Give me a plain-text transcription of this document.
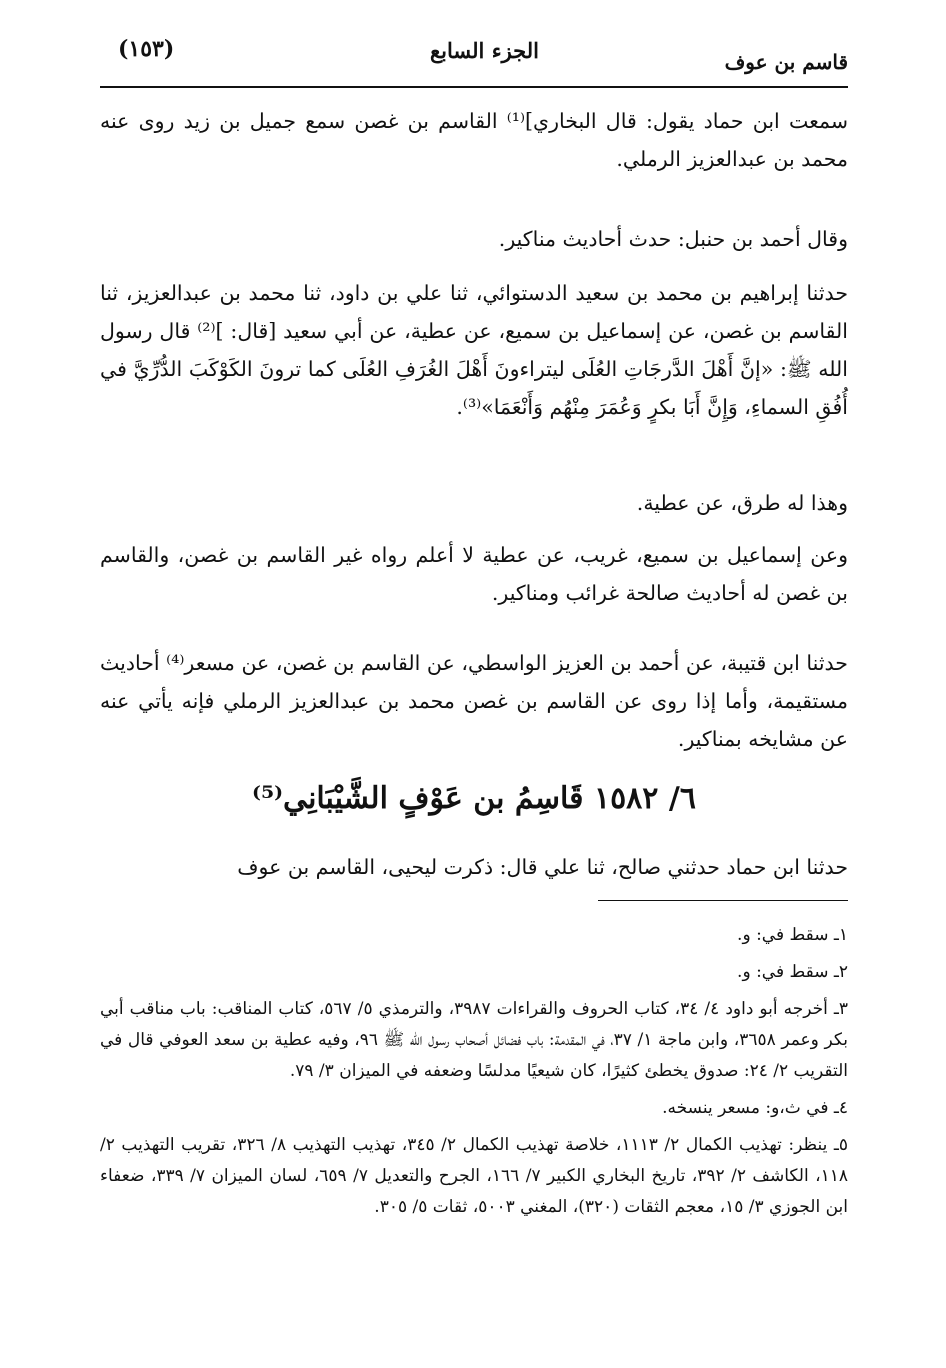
قاسم بن عوف
الجزء السابع
(١٥٣)

سمعت ابن حماد يقول: قال البخاري]⁽¹⁾ القاسم بن غصن سمع جميل بن زيد روى عنه محمد بن عبدالعزيز الرملي.

وقال أحمد بن حنبل: حدث أحاديث مناكير.

حدثنا إبراهيم بن محمد بن سعيد الدستوائي، ثنا علي بن داود، ثنا محمد بن عبدالعزيز، ثنا القاسم بن غصن، عن إسماعيل بن سميع، عن عطية، عن أبي سعيد [قال: ]⁽²⁾ قال رسول الله ﷺ: «إنَّ أَهْلَ الدَّرجَاتِ العُلَى ليتراءونَ أَهْلَ الغُرَفِ العُلَى كما ترونَ الكَوْكَبَ الدُّرِّيَّ في أُفُقِ السماءِ، وَإِنَّ أَبَا بكرٍ وَعُمَرَ مِنْهُم وَأَنْعَمَا»⁽³⁾.

وهذا له طرق، عن عطية.

وعن إسماعيل بن سميع، غريب، عن عطية لا أعلم رواه غير القاسم بن غصن، والقاسم بن غصن له أحاديث صالحة غرائب ومناكير.

حدثنا ابن قتيبة، عن أحمد بن العزيز الواسطي، عن القاسم بن غصن، عن مسعر⁽⁴⁾ أحاديث مستقيمة، وأما إذا روى عن القاسم بن غصن محمد بن عبدالعزيز الرملي فإنه يأتي عنه عن مشايخه بمناكير.

٦/ ١٥٨٢ قَاسِمُ بن عَوْفٍ الشَّيْبَانِي⁽⁵⁾

حدثنا ابن حماد حدثني صالح، ثنا علي قال: ذكرت ليحيى، القاسم بن عوف

١ـ سقط في: و.

٢ـ سقط في: و.

٣ـ أخرجه أبو داود ٤/ ٣٤، كتاب الحروف والقراءات ٣٩٨٧، والترمذي ٥/ ٥٦٧، كتاب المناقب: باب مناقب أبي بكر وعمر ٣٦٥٨، وابن ماجة ١/ ٣٧، في المقدمة: باب فضائل أصحاب رسول الله ﷺ ٩٦، وفيه عطية بن سعد العوفي قال في التقريب ٢/ ٢٤: صدوق يخطئ كثيرًا، كان شيعيًا مدلسًا وضعفه في الميزان ٣/ ٧٩.

٤ـ في ث،و: مسعر ينسخه.

٥ـ ينظر: تهذيب الكمال ٢/ ١١١٣، خلاصة تهذيب الكمال ٢/ ٣٤٥، تهذيب التهذيب ٨/ ٣٢٦، تقريب التهذيب ٢/ ١١٨، الكاشف ٢/ ٣٩٢، تاريخ البخاري الكبير ٧/ ١٦٦، الجرح والتعديل ٧/ ٦٥٩، لسان الميزان ٧/ ٣٣٩، ضعفاء ابن الجوزي ٣/ ١٥، معجم الثقات (٣٢٠)، المغني ٥٠٠٣، ثقات ٥/ ٣٠٥.
